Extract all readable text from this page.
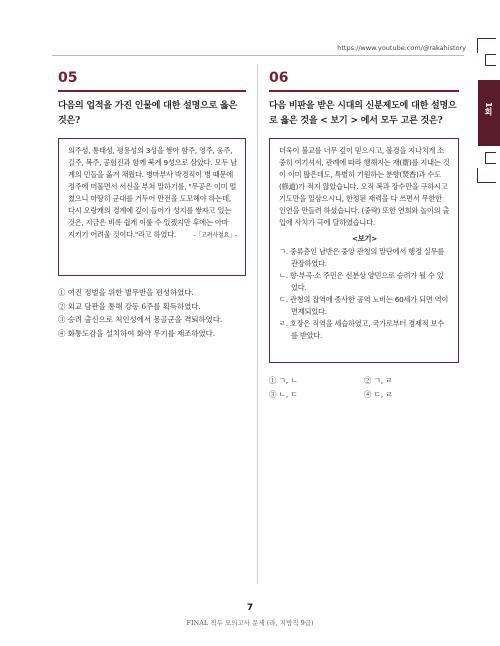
https://www.youtube.com/@rakahistory
1회
05
다음의 업적을 가진 인물에 대한 설명으로 옳은 것은?
의주성, 통태성, 평용성의 3성을 쌓아 함주, 영주, 웅주, 길주, 복주, 공험진과 함께 북계 9성으로 삼았다. 모두 남계의 민들을 옮겨 채웠다. 병마부사 박경직이 병 때문에 정주에 머물면서 서신을 부쳐 말하기를, "무공은 이미 떨쳤으니 마땅히 군대를 거두어 만전을 도모해야 하는데, 다시 오랑캐의 경계에 깊이 들어가 성지를 쌓자고 있는 것은, 지금은 비록 쉽게 이룰 수 있겠지만 후에는 아마 지키기 어려울 것이다."라고 하였다.	-「고려사절요」-
① 여진 정벌을 위한 별무반을 편성하였다.
② 외교 담판을 통해 강동 6주를 획득하였다.
③ 승려 출신으로 처인성에서 몽골군을 격퇴하였다.
④ 화통도감을 설치하여 화약 무기를 제조하였다.
06
다음 비판을 받은 시대의 신분제도에 대한 설명으로 옳은 것을 < 보기 > 에서 모두 고른 것은?
더욱이 불교를 너무 깊이 믿으시고, 불경을 지나치게 소중히 여기셔서, 관례에 따라 행해지는 재(齋)를 지내는 것이 이미 많은데도, 특별히 기원하는 분향(焚香)과 수도(修道)가 적지 않았습니다. 오직 복과 장수만을 구하시고 기도만을 일삼으시니, 한정된 재력을 다 쓰면서 무한한 인연을 만들려 하셨습니다. (중략) 또한 연희와 놀이의 출입에 사치가 극에 달하였습니다.
<보기>
ㄱ. 중류층인 남반은 중앙 관청의 말단에서 행정 실무를 관장하였다.
ㄴ. 향·부곡·소 주민은 신분상 양민으로 승려가 될 수 있었다.
ㄷ. 관청의 잡역에 종사한 공역 노비는 60세가 되면 역이 면제되었다.
ㄹ. 호장은 직역을 세습하였고, 국가로부터 경제적 보수를 받았다.
① ㄱ, ㄴ	② ㄱ, ㄹ
③ ㄴ, ㄷ	④ ㄷ, ㄹ
7
FINAL 직두 모의고사 문제 (라, 지방직 9급)
